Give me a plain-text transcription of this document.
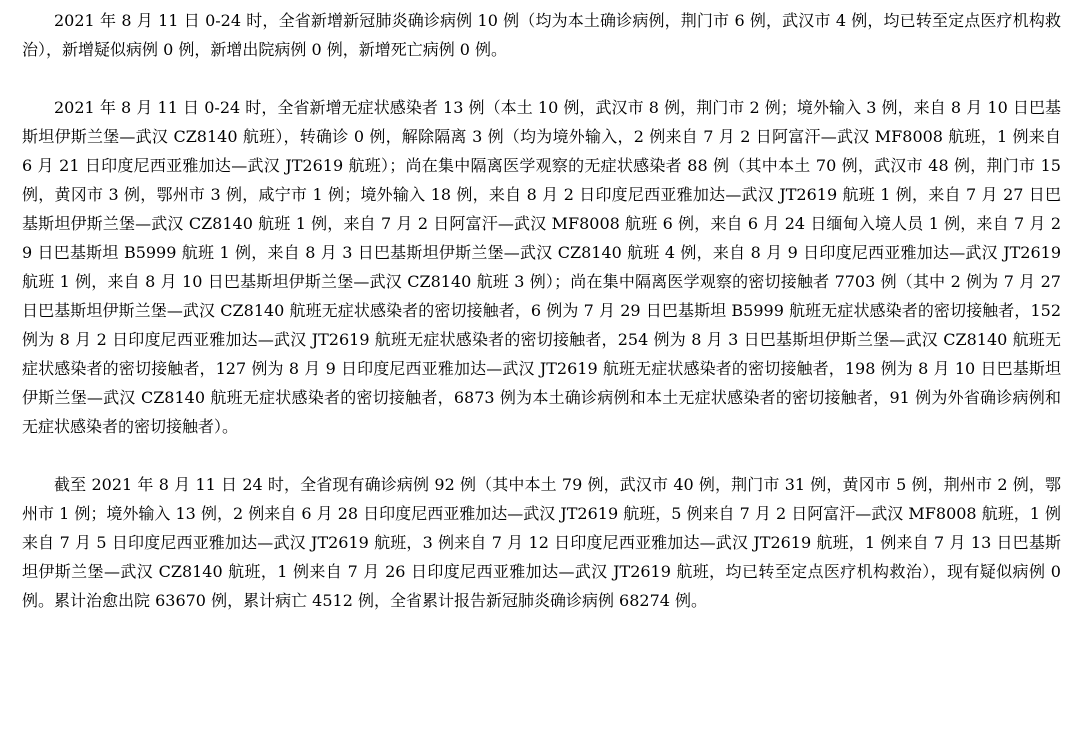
2021 年 8 月 11 日 0-24 时，全省新增新冠肺炎确诊病例 10 例（均为本土确诊病例，荆门市 6 例，武汉市 4 例，均已转至定点医疗机构救治），新增疑似病例 0 例，新增出院病例 0 例，新增死亡病例 0 例。

2021 年 8 月 11 日 0-24 时，全省新增无症状感染者 13 例（本土 10 例，武汉市 8 例，荆门市 2 例；境外输入 3 例，来自 8 月 10 日巴基斯坦伊斯兰堡—武汉 CZ8140 航班），转确诊 0 例，解除隔离 3 例（均为境外输入，2 例来自 7 月 2 日阿富汗—武汉 MF8008 航班，1 例来自 6 月 21 日印度尼西亚雅加达—武汉 JT2619 航班）；尚在集中隔离医学观察的无症状感染者 88 例（其中本土 70 例，武汉市 48 例，荆门市 15 例，黄冈市 3 例，鄂州市 3 例，咸宁市 1 例；境外输入 18 例，来自 8 月 2 日印度尼西亚雅加达—武汉 JT2619 航班 1 例，来自 7 月 27 日巴基斯坦伊斯兰堡—武汉 CZ8140 航班 1 例，来自 7 月 2 日阿富汗—武汉 MF8008 航班 6 例，来自 6 月 24 日缅甸入境人员 1 例，来自 7 月 29 日巴基斯坦 B5999 航班 1 例，来自 8 月 3 日巴基斯坦伊斯兰堡—武汉 CZ8140 航班 4 例，来自 8 月 9 日印度尼西亚雅加达—武汉 JT2619 航班 1 例，来自 8 月 10 日巴基斯坦伊斯兰堡—武汉 CZ8140 航班 3 例）；尚在集中隔离医学观察的密切接触者 7703 例（其中 2 例为 7 月 27 日巴基斯坦伊斯兰堡—武汉 CZ8140 航班无症状感染者的密切接触者，6 例为 7 月 29 日巴基斯坦 B5999 航班无症状感染者的密切接触者，152 例为 8 月 2 日印度尼西亚雅加达—武汉 JT2619 航班无症状感染者的密切接触者，254 例为 8 月 3 日巴基斯坦伊斯兰堡—武汉 CZ8140 航班无症状感染者的密切接触者，127 例为 8 月 9 日印度尼西亚雅加达—武汉 JT2619 航班无症状感染者的密切接触者，198 例为 8 月 10 日巴基斯坦伊斯兰堡—武汉 CZ8140 航班无症状感染者的密切接触者，6873 例为本土确诊病例和本土无症状感染者的密切接触者，91 例为外省确诊病例和无症状感染者的密切接触者）。

截至 2021 年 8 月 11 日 24 时，全省现有确诊病例 92 例（其中本土 79 例，武汉市 40 例，荆门市 31 例，黄冈市 5 例，荆州市 2 例，鄂州市 1 例；境外输入 13 例，2 例来自 6 月 28 日印度尼西亚雅加达—武汉 JT2619 航班，5 例来自 7 月 2 日阿富汗—武汉 MF8008 航班，1 例来自 7 月 5 日印度尼西亚雅加达—武汉 JT2619 航班，3 例来自 7 月 12 日印度尼西亚雅加达—武汉 JT2619 航班，1 例来自 7 月 13 日巴基斯坦伊斯兰堡—武汉 CZ8140 航班，1 例来自 7 月 26 日印度尼西亚雅加达—武汉 JT2619 航班，均已转至定点医疗机构救治），现有疑似病例 0 例。累计治愈出院 63670 例，累计病亡 4512 例，全省累计报告新冠肺炎确诊病例 68274 例。
